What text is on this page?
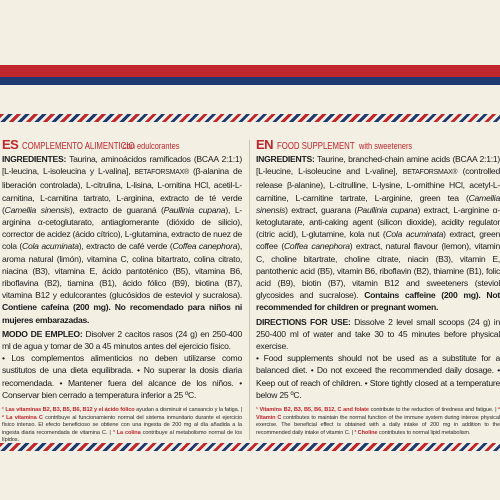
ES COMPLEMENTO ALIMENTICIO
con edulcorantes

INGREDIENTES: Taurina, aminoácidos ramificados (BCAA 2:1:1) [L-leucina, L-isoleucina y L-valina], BETAFORSMAX® (β-alanina de liberación controlada), L-citrulina, L-lisina, L-ornitina HCl, acetil-L-carnitina, L-carnitina tartrato, L-arginina, extracto de té verde (Camellia sinensis), extracto de guaraná (Paullinia cupana), L-arginina α-cetoglutarato, antiaglomerante (dióxido de silicio), corrector de acidez (ácido cítrico), L-glutamina, extracto de nuez de cola (Cola acuminata), extracto de café verde (Coffea canephora), aroma natural (limón), vitamina C, colina bitartrato, colina citrato, niacina (B3), vitamina E, ácido pantoténico (B5), vitamina B6, riboflavina (B2), tiamina (B1), ácido fólico (B9), biotina (B7), vitamina B12 y edulcorantes (glucósidos de esteviol y sucralosa). Contiene cafeína (200 mg). No recomendado para niños ni mujeres embarazadas.

MODO DE EMPLEO: Disolver 2 cacitos rasos (24 g) en 250-400 ml de agua y tomar de 30 a 45 minutos antes del ejercicio físico.

• Los complementos alimenticios no deben utilizarse como sustitutos de una dieta equilibrada. • No superar la dosis diaria recomendada. • Mantener fuera del alcance de los niños. • Conservar bien cerrado a temperatura inferior a 25 ºC.

¹ Las vitaminas B2, B3, B5, B6, B12 y el ácido fólico ayudan a disminuir el cansancio y la fatiga. | ² La vitamina C contribuye al funcionamiento normal del sistema inmunitario durante el ejercicio físico intenso. El efecto beneficioso se obtiene con una ingesta de 200 mg al día añadida a la ingesta diaria recomendada de vitamina C. | ³ La colina contribuye al metabolismo normal de los lípidos.
EN FOOD SUPPLEMENT with sweeteners

INGREDIENTS: Taurine, branched-chain amine acids (BCAA 2:1:1) [L-leucine, L-isoleucine and L-valine], BETAFORSMAX® (controlled release β-alanine), L-citrulline, L-lysine, L-ornithine HCl, acetyl-L-carnitine, L-carnitine tartrate, L-arginine, green tea (Camellia sinensis) extract, guarana (Paullinia cupana) extract, L-arginine α-ketoglutarate, anti-caking agent (silicon dioxide), acidity regulator (citric acid), L-glutamine, kola nut (Cola acuminata) extract, green coffee (Coffea canephora) extract, natural flavour (lemon), vitamin C, choline bitartrate, choline citrate, niacin (B3), vitamin E, pantothenic acid (B5), vitamin B6, riboflavin (B2), thiamine (B1), folic acid (B9), biotin (B7), vitamin B12 and sweeteners (steviol glycosides and sucralose). Contains caffeine (200 mg). Not recommended for children or pregnant women.

DIRECTIONS FOR USE: Dissolve 2 level small scoops (24 g) in 250-400 ml of water and take 30 to 45 minutes before physical exercise.

• Food supplements should not be used as a substitute for a balanced diet. • Do not exceed the recommended daily dosage. • Keep out of reach of children. • Store tightly closed at a temperature below 25 ºC.

¹ Vitamins B2, B3, B5, B6, B12, C and folate contribute to the reduction of tiredness and fatigue. | ² Vitamin C contributes to maintain the normal function of the immune system during intense physical exercise. The beneficial effect is obtained with a daily intake of 200 mg in addition to the recommended daily intake of vitamin C. | ³ Choline contributes to normal lipid metabolism.
